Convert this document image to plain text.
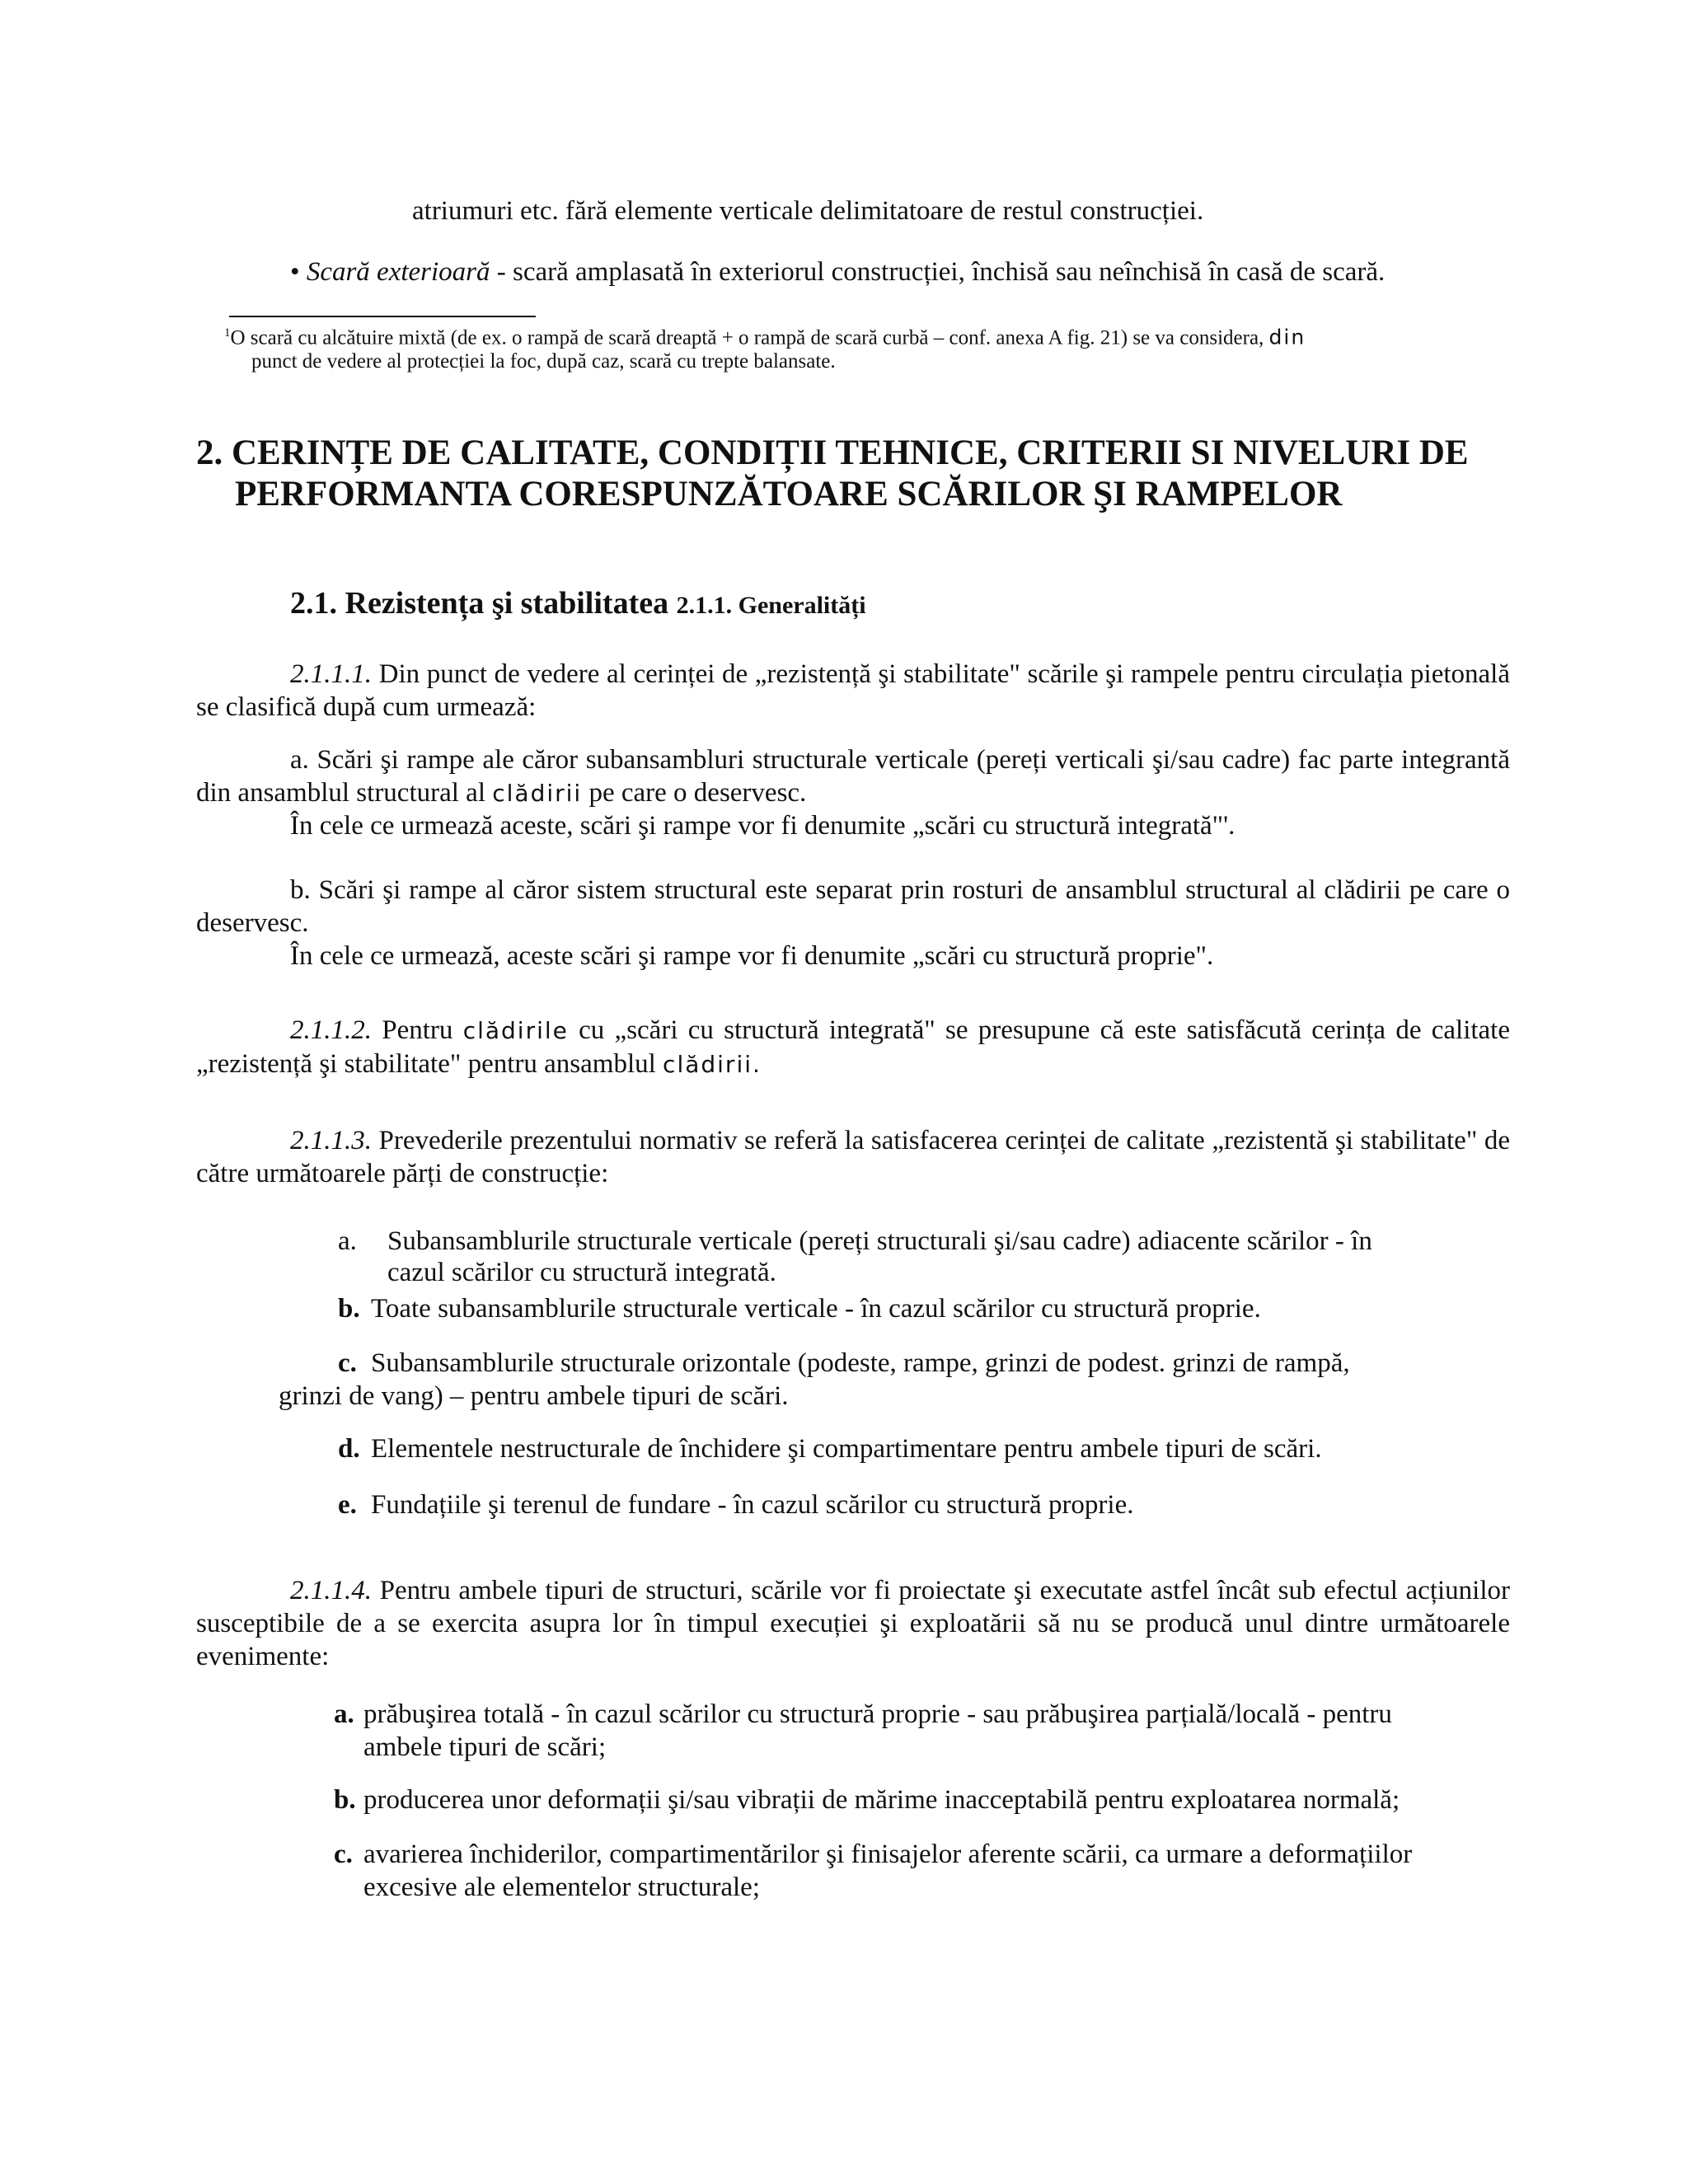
atriumuri etc. fără elemente verticale delimitatoare de restul construcției.

• Scară exterioară - scară amplasată în exteriorul construcției, închisă sau neînchisă în casă de scară.

$^1$O scară cu alcătuire mixtă (de ex. o rampă de scară dreaptă + o rampă de scară curbă – conf. anexa A fig. 21) se va considera, din

punct de vedere al protecției la foc, după caz, scară cu trepte balansate.

2. CERINȚE DE CALITATE, CONDIȚII TEHNICE, CRITERII SI NIVELURI DE
PERFORMANTA CORESPUNZĂTOARE SCĂRILOR ŞI RAMPELOR
2.1. Rezistența şi stabilitatea 2.1.1. Generalități

2.1.1.1. Din punct de vedere al cerinței de „rezistență şi stabilitate" scările şi rampele pentru circulația pietonală se clasifică după cum urmează:

a. Scări şi rampe ale căror subansambluri structurale verticale (pereți verticali şi/sau cadre) fac parte integrantă din ansamblul structural al clădirii pe care o deservesc.

În cele ce urmează aceste, scări şi rampe vor fi denumite „scări cu structură integrată"'.

b. Scări şi rampe al căror sistem structural este separat prin rosturi de ansamblul structural al clădirii pe care o deservesc.

În cele ce urmează, aceste scări şi rampe vor fi denumite „scări cu structură proprie".

2.1.1.2. Pentru clădirile cu „scări cu structură integrată" se presupune că este satisfăcută cerința de calitate „rezistență şi stabilitate" pentru ansamblul clădirii.

2.1.1.3. Prevederile prezentului normativ se referă la satisfacerea cerinței de calitate „rezistentă şi stabilitate" de către următoarele părți de construcție:

a. Subansamblurile structurale verticale (pereți structurali şi/sau cadre) adiacente scărilor - în
cazul scărilor cu structură integrată.
b. Toate subansamblurile structurale verticale - în cazul scărilor cu structură proprie.
c. Subansamblurile structurale orizontale (podeste, rampe, grinzi de podest. grinzi de rampă,
grinzi de vang) – pentru ambele tipuri de scări.
d. Elementele nestructurale de închidere şi compartimentare pentru ambele tipuri de scări.
e. Fundațiile şi terenul de fundare - în cazul scărilor cu structură proprie.

2.1.1.4. Pentru ambele tipuri de structuri, scările vor fi proiectate şi executate astfel încât sub efectul acțiunilor susceptibile de a se exercita asupra lor în timpul execuției şi exploatării să nu se producă unul dintre următoarele evenimente:

a. prăbuşirea totală - în cazul scărilor cu structură proprie - sau prăbuşirea parțială/locală - pentru
ambele tipuri de scări;
b. producerea unor deformații şi/sau vibrații de mărime inacceptabilă pentru exploatarea normală;
c. avarierea închiderilor, compartimentărilor şi finisajelor aferente scării, ca urmare a deformațiilor
excesive ale elementelor structurale;
